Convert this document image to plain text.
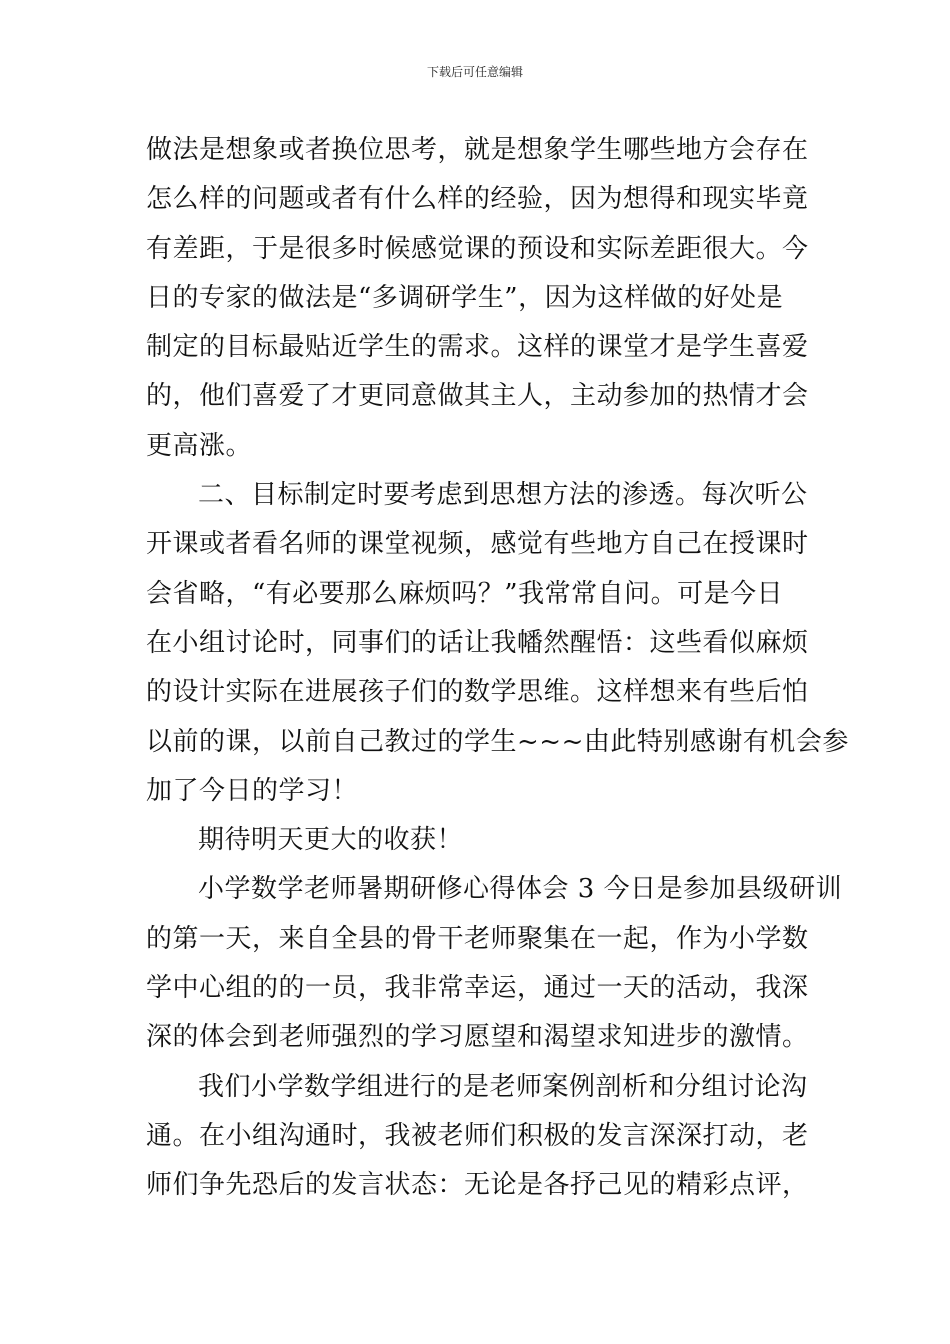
下载后可任意编辑
做法是想象或者换位思考，就是想象学生哪些地方会存在
怎么样的问题或者有什么样的经验，因为想得和现实毕竟
有差距，于是很多时候感觉课的预设和实际差距很大。今
日的专家的做法是“多调研学生”，因为这样做的好处是
制定的目标最贴近学生的需求。这样的课堂才是学生喜爱
的，他们喜爱了才更同意做其主人，主动参加的热情才会
更高涨。
二、目标制定时要考虑到思想方法的渗透。每次听公
开课或者看名师的课堂视频，感觉有些地方自己在授课时
会省略，“有必要那么麻烦吗？”我常常自问。可是今日
在小组讨论时，同事们的话让我幡然醒悟：这些看似麻烦
的设计实际在进展孩子们的数学思维。这样想来有些后怕
以前的课，以前自己教过的学生~~~由此特别感谢有机会参
加了今日的学习！
期待明天更大的收获！
小学数学老师暑期研修心得体会 3 今日是参加县级研训
的第一天，来自全县的骨干老师聚集在一起，作为小学数
学中心组的的一员，我非常幸运，通过一天的活动，我深
深的体会到老师强烈的学习愿望和渴望求知进步的激情。
我们小学数学组进行的是老师案例剖析和分组讨论沟
通。在小组沟通时，我被老师们积极的发言深深打动，老
师们争先恐后的发言状态：无论是各抒己见的精彩点评，
